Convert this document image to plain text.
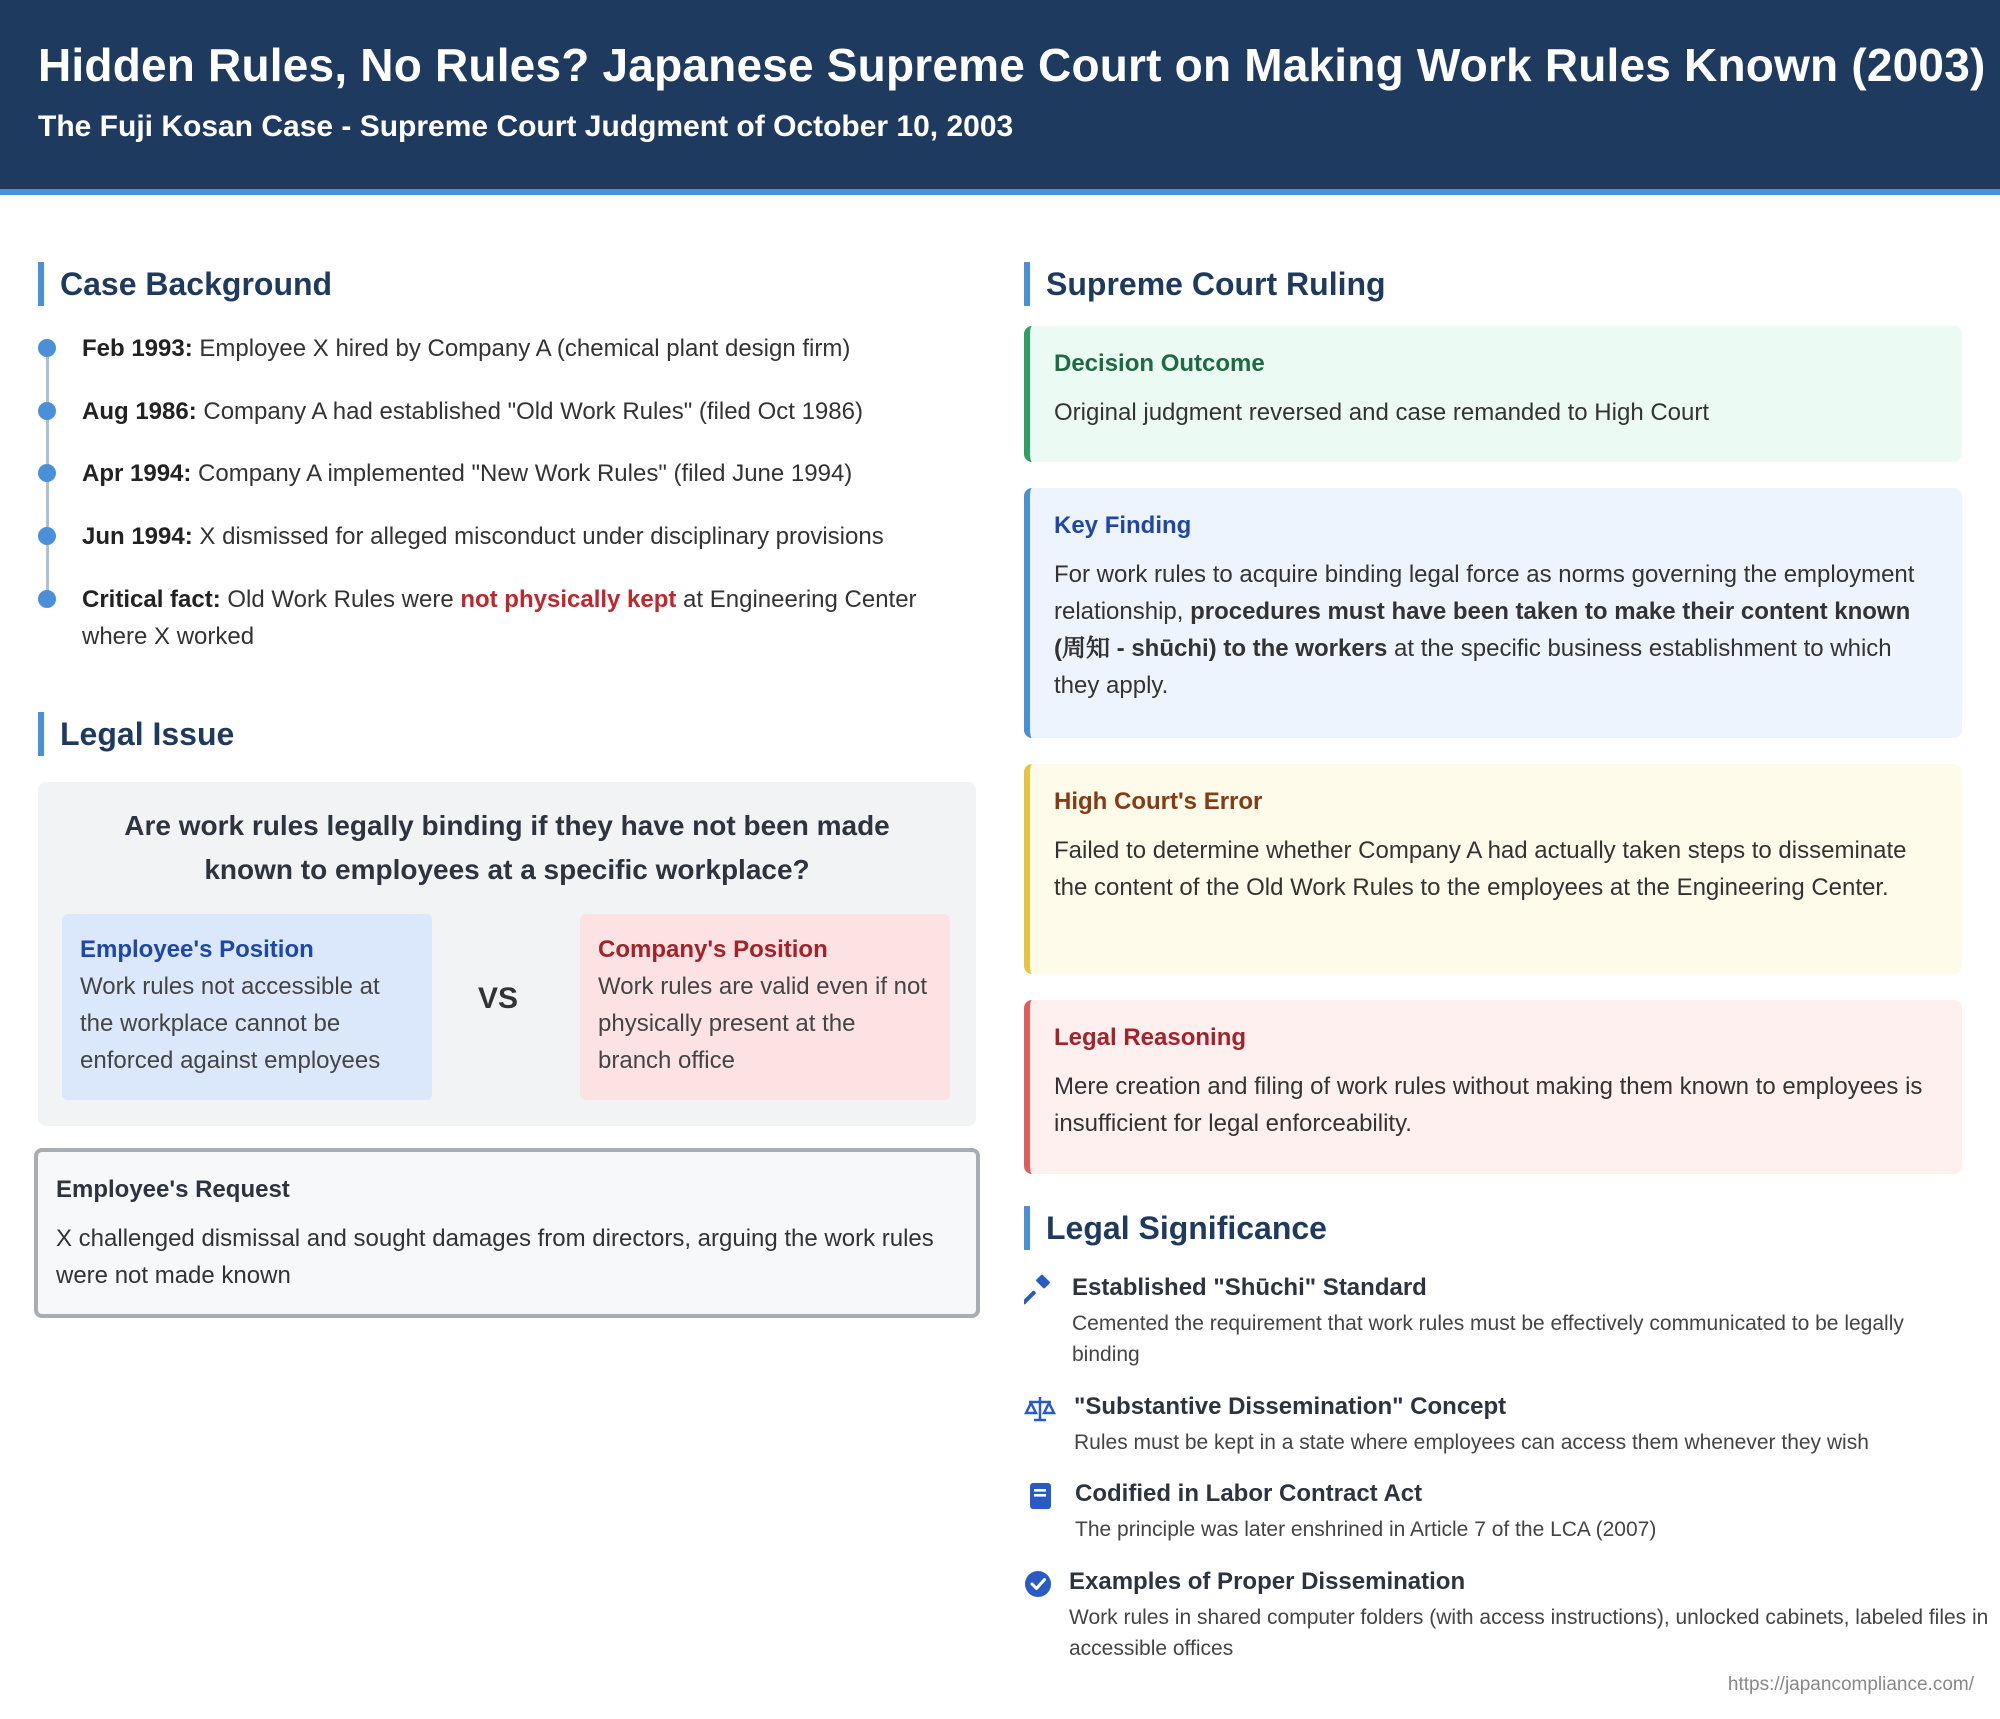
Hidden Rules, No Rules? Japanese Supreme Court on Making Work Rules Known (2003)
The Fuji Kosan Case - Supreme Court Judgment of October 10, 2003
Case Background
Feb 1993: Employee X hired by Company A (chemical plant design firm)
Aug 1986: Company A had established "Old Work Rules" (filed Oct 1986)
Apr 1994: Company A implemented "New Work Rules" (filed June 1994)
Jun 1994: X dismissed for alleged misconduct under disciplinary provisions
Critical fact: Old Work Rules were not physically kept at Engineering Center where X worked
Legal Issue
Are work rules legally binding if they have not been made known to employees at a specific workplace?
Employee's Position
Work rules not accessible at the workplace cannot be enforced against employees
VS
Company's Position
Work rules are valid even if not physically present at the branch office
Employee's Request
X challenged dismissal and sought damages from directors, arguing the work rules were not made known
Supreme Court Ruling
Decision Outcome
Original judgment reversed and case remanded to High Court
Key Finding
For work rules to acquire binding legal force as norms governing the employment relationship, procedures must have been taken to make their content known (周知 - shūchi) to the workers at the specific business establishment to which they apply.
High Court's Error
Failed to determine whether Company A had actually taken steps to disseminate the content of the Old Work Rules to the employees at the Engineering Center.
Legal Reasoning
Mere creation and filing of work rules without making them known to employees is insufficient for legal enforceability.
Legal Significance
Established "Shūchi" Standard
Cemented the requirement that work rules must be effectively communicated to be legally binding
"Substantive Dissemination" Concept
Rules must be kept in a state where employees can access them whenever they wish
Codified in Labor Contract Act
The principle was later enshrined in Article 7 of the LCA (2007)
Examples of Proper Dissemination
Work rules in shared computer folders (with access instructions), unlocked cabinets, labeled files in accessible offices
https://japancompliance.com/
